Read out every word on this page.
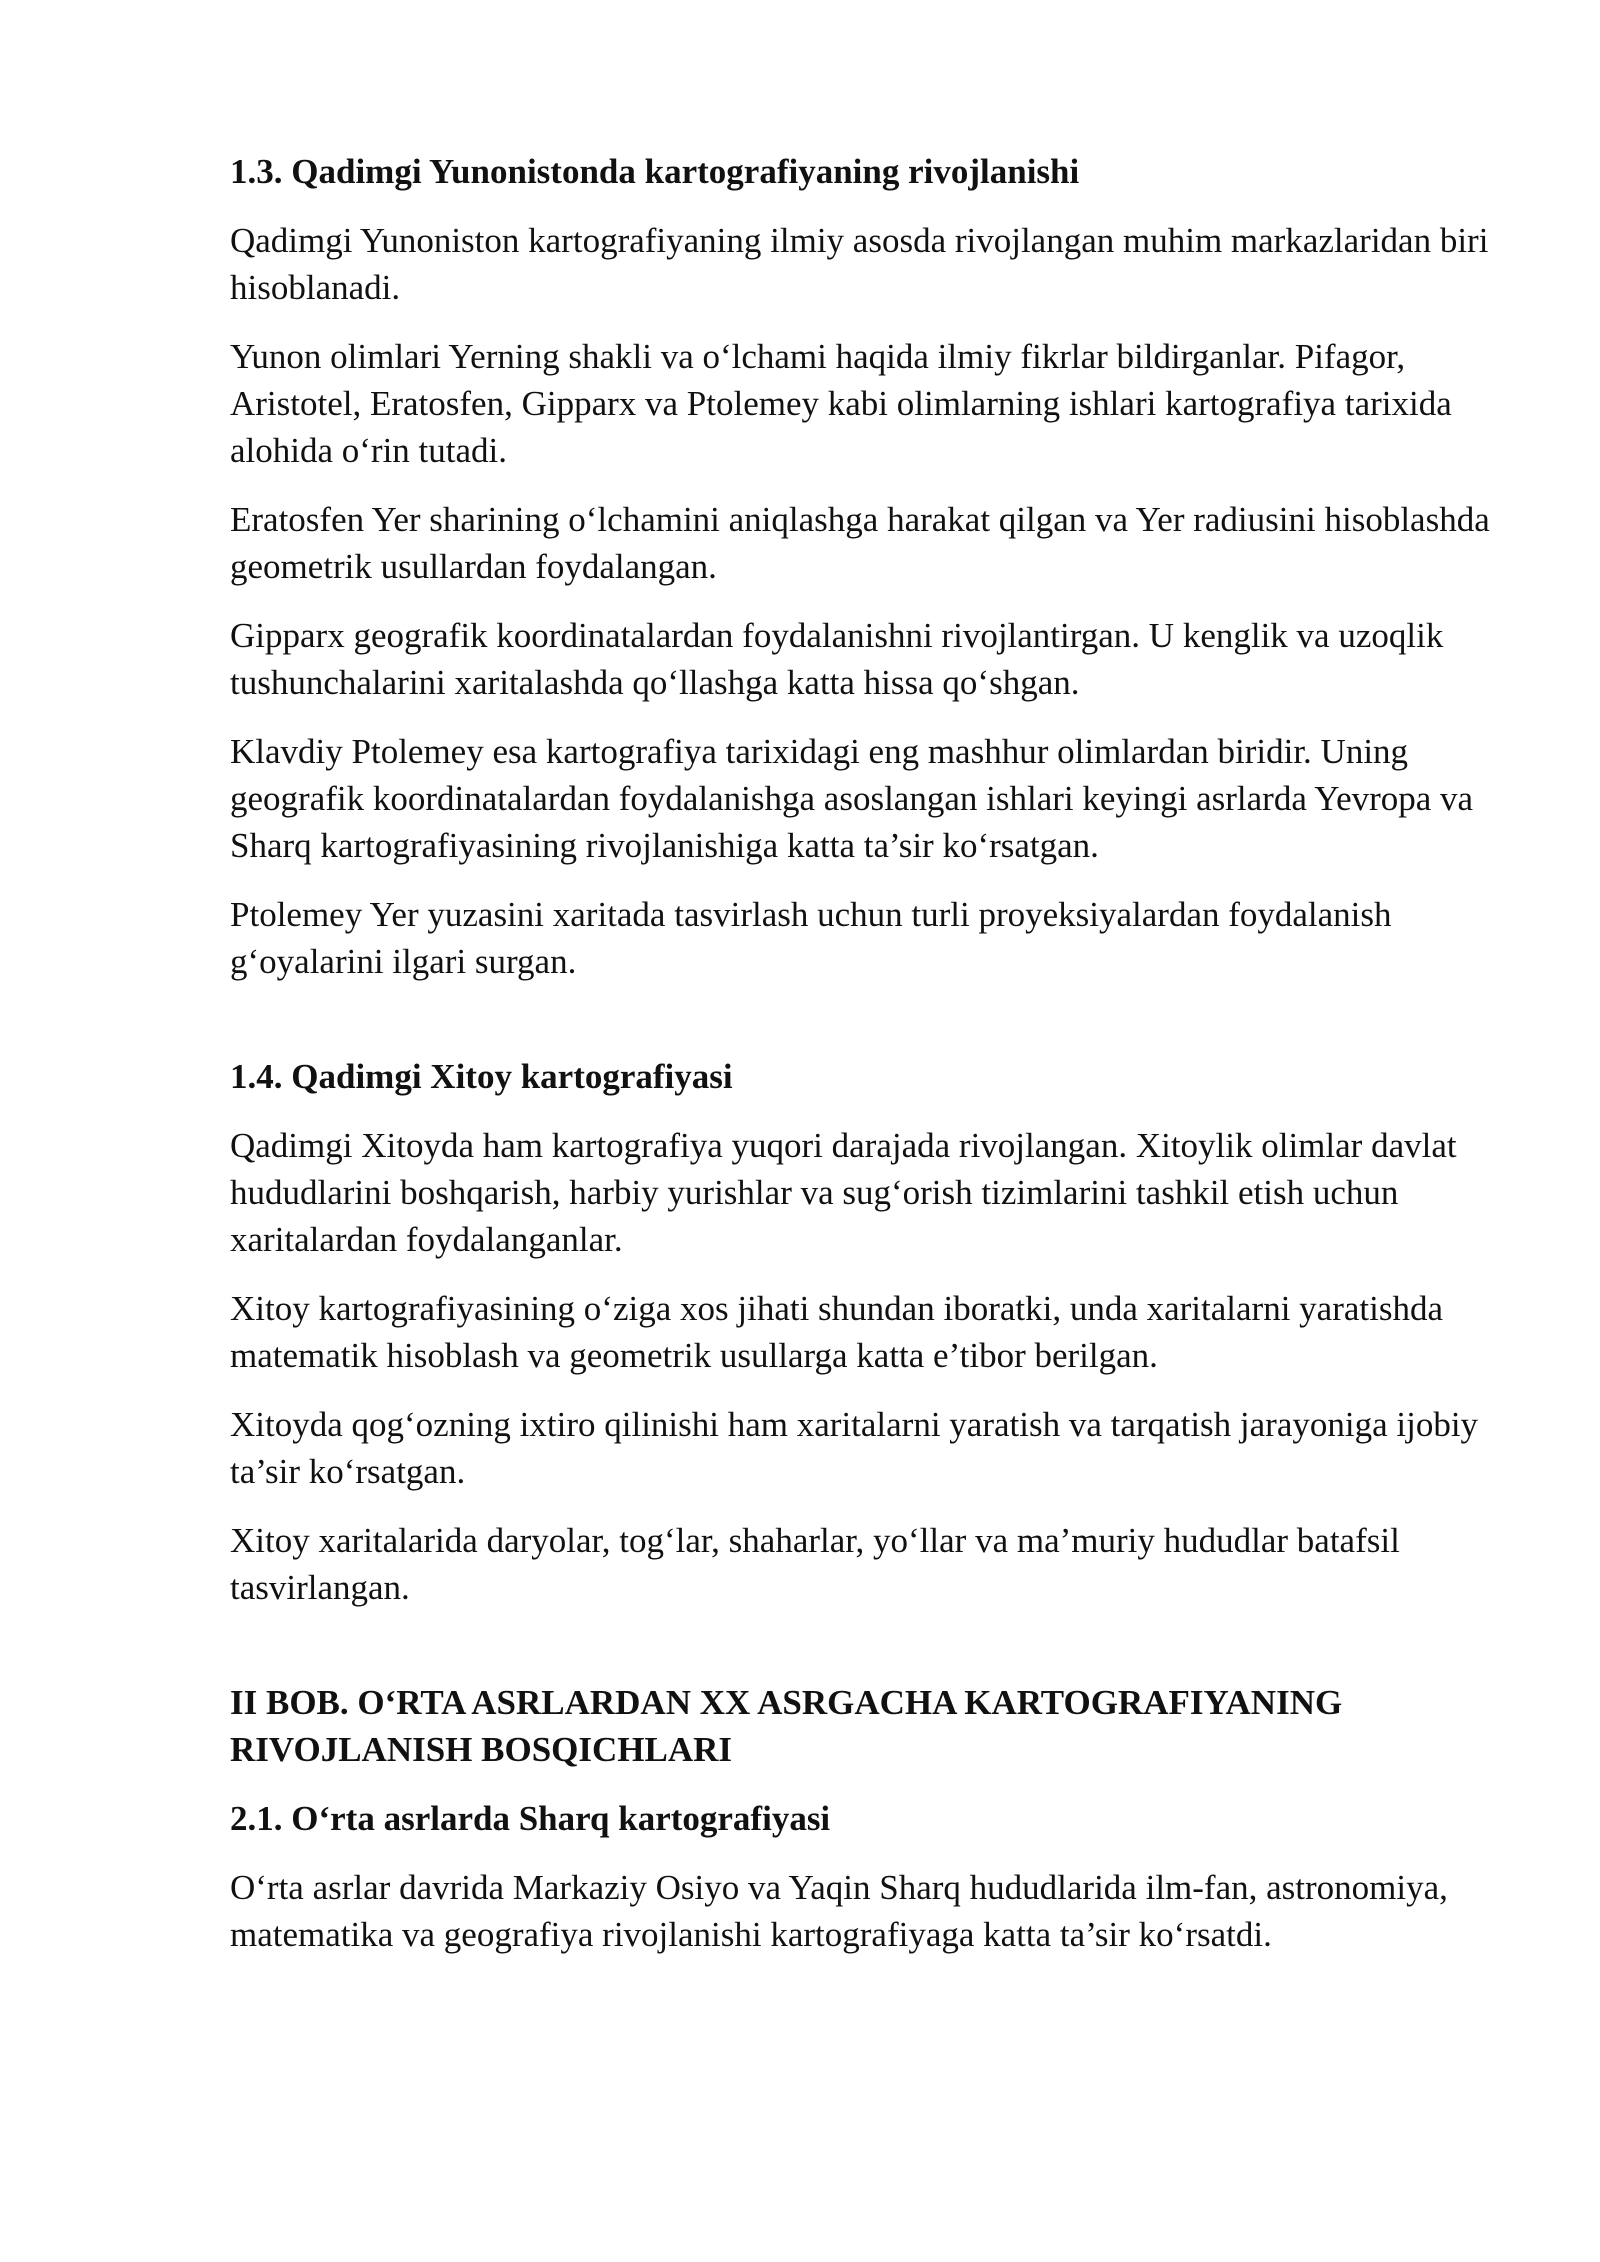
1.3. Qadimgi Yunonistonda kartografiyaning rivojlanishi

Qadimgi Yunoniston kartografiyaning ilmiy asosda rivojlangan muhim markazlaridan biri hisoblanadi.

Yunon olimlari Yerning shakli va o‘lchami haqida ilmiy fikrlar bildirganlar. Pifagor, Aristotel, Eratosfen, Gipparx va Ptolemey kabi olimlarning ishlari kartografiya tarixida alohida o‘rin tutadi.

Eratosfen Yer sharining o‘lchamini aniqlashga harakat qilgan va Yer radiusini hisoblashda geometrik usullardan foydalangan.

Gipparx geografik koordinatalardan foydalanishni rivojlantirgan. U kenglik va uzoqlik tushunchalarini xaritalashda qo‘llashga katta hissa qo‘shgan.

Klavdiy Ptolemey esa kartografiya tarixidagi eng mashhur olimlardan biridir. Uning geografik koordinatalardan foydalanishga asoslangan ishlari keyingi asrlarda Yevropa va Sharq kartografiyasining rivojlanishiga katta ta’sir ko‘rsatgan.

Ptolemey Yer yuzasini xaritada tasvirlash uchun turli proyeksiyalardan foydalanish g‘oyalarini ilgari surgan.

1.4. Qadimgi Xitoy kartografiyasi

Qadimgi Xitoyda ham kartografiya yuqori darajada rivojlangan. Xitoylik olimlar davlat hududlarini boshqarish, harbiy yurishlar va sug‘orish tizimlarini tashkil etish uchun xaritalardan foydalanganlar.

Xitoy kartografiyasining o‘ziga xos jihati shundan iboratki, unda xaritalarni yaratishda matematik hisoblash va geometrik usullarga katta e’tibor berilgan.

Xitoyda qog‘ozning ixtiro qilinishi ham xaritalarni yaratish va tarqatish jarayoniga ijobiy ta’sir ko‘rsatgan.

Xitoy xaritalarida daryolar, tog‘lar, shaharlar, yo‘llar va ma’muriy hududlar batafsil tasvirlangan.

II BOB. O‘RTA ASRLARDAN XX ASRGACHA KARTOGRAFIYANING
RIVOJLANISH BOSQICHLARI
2.1. O‘rta asrlarda Sharq kartografiyasi

O‘rta asrlar davrida Markaziy Osiyo va Yaqin Sharq hududlarida ilm-fan, astronomiya, matematika va geografiya rivojlanishi kartografiyaga katta ta’sir ko‘rsatdi.
